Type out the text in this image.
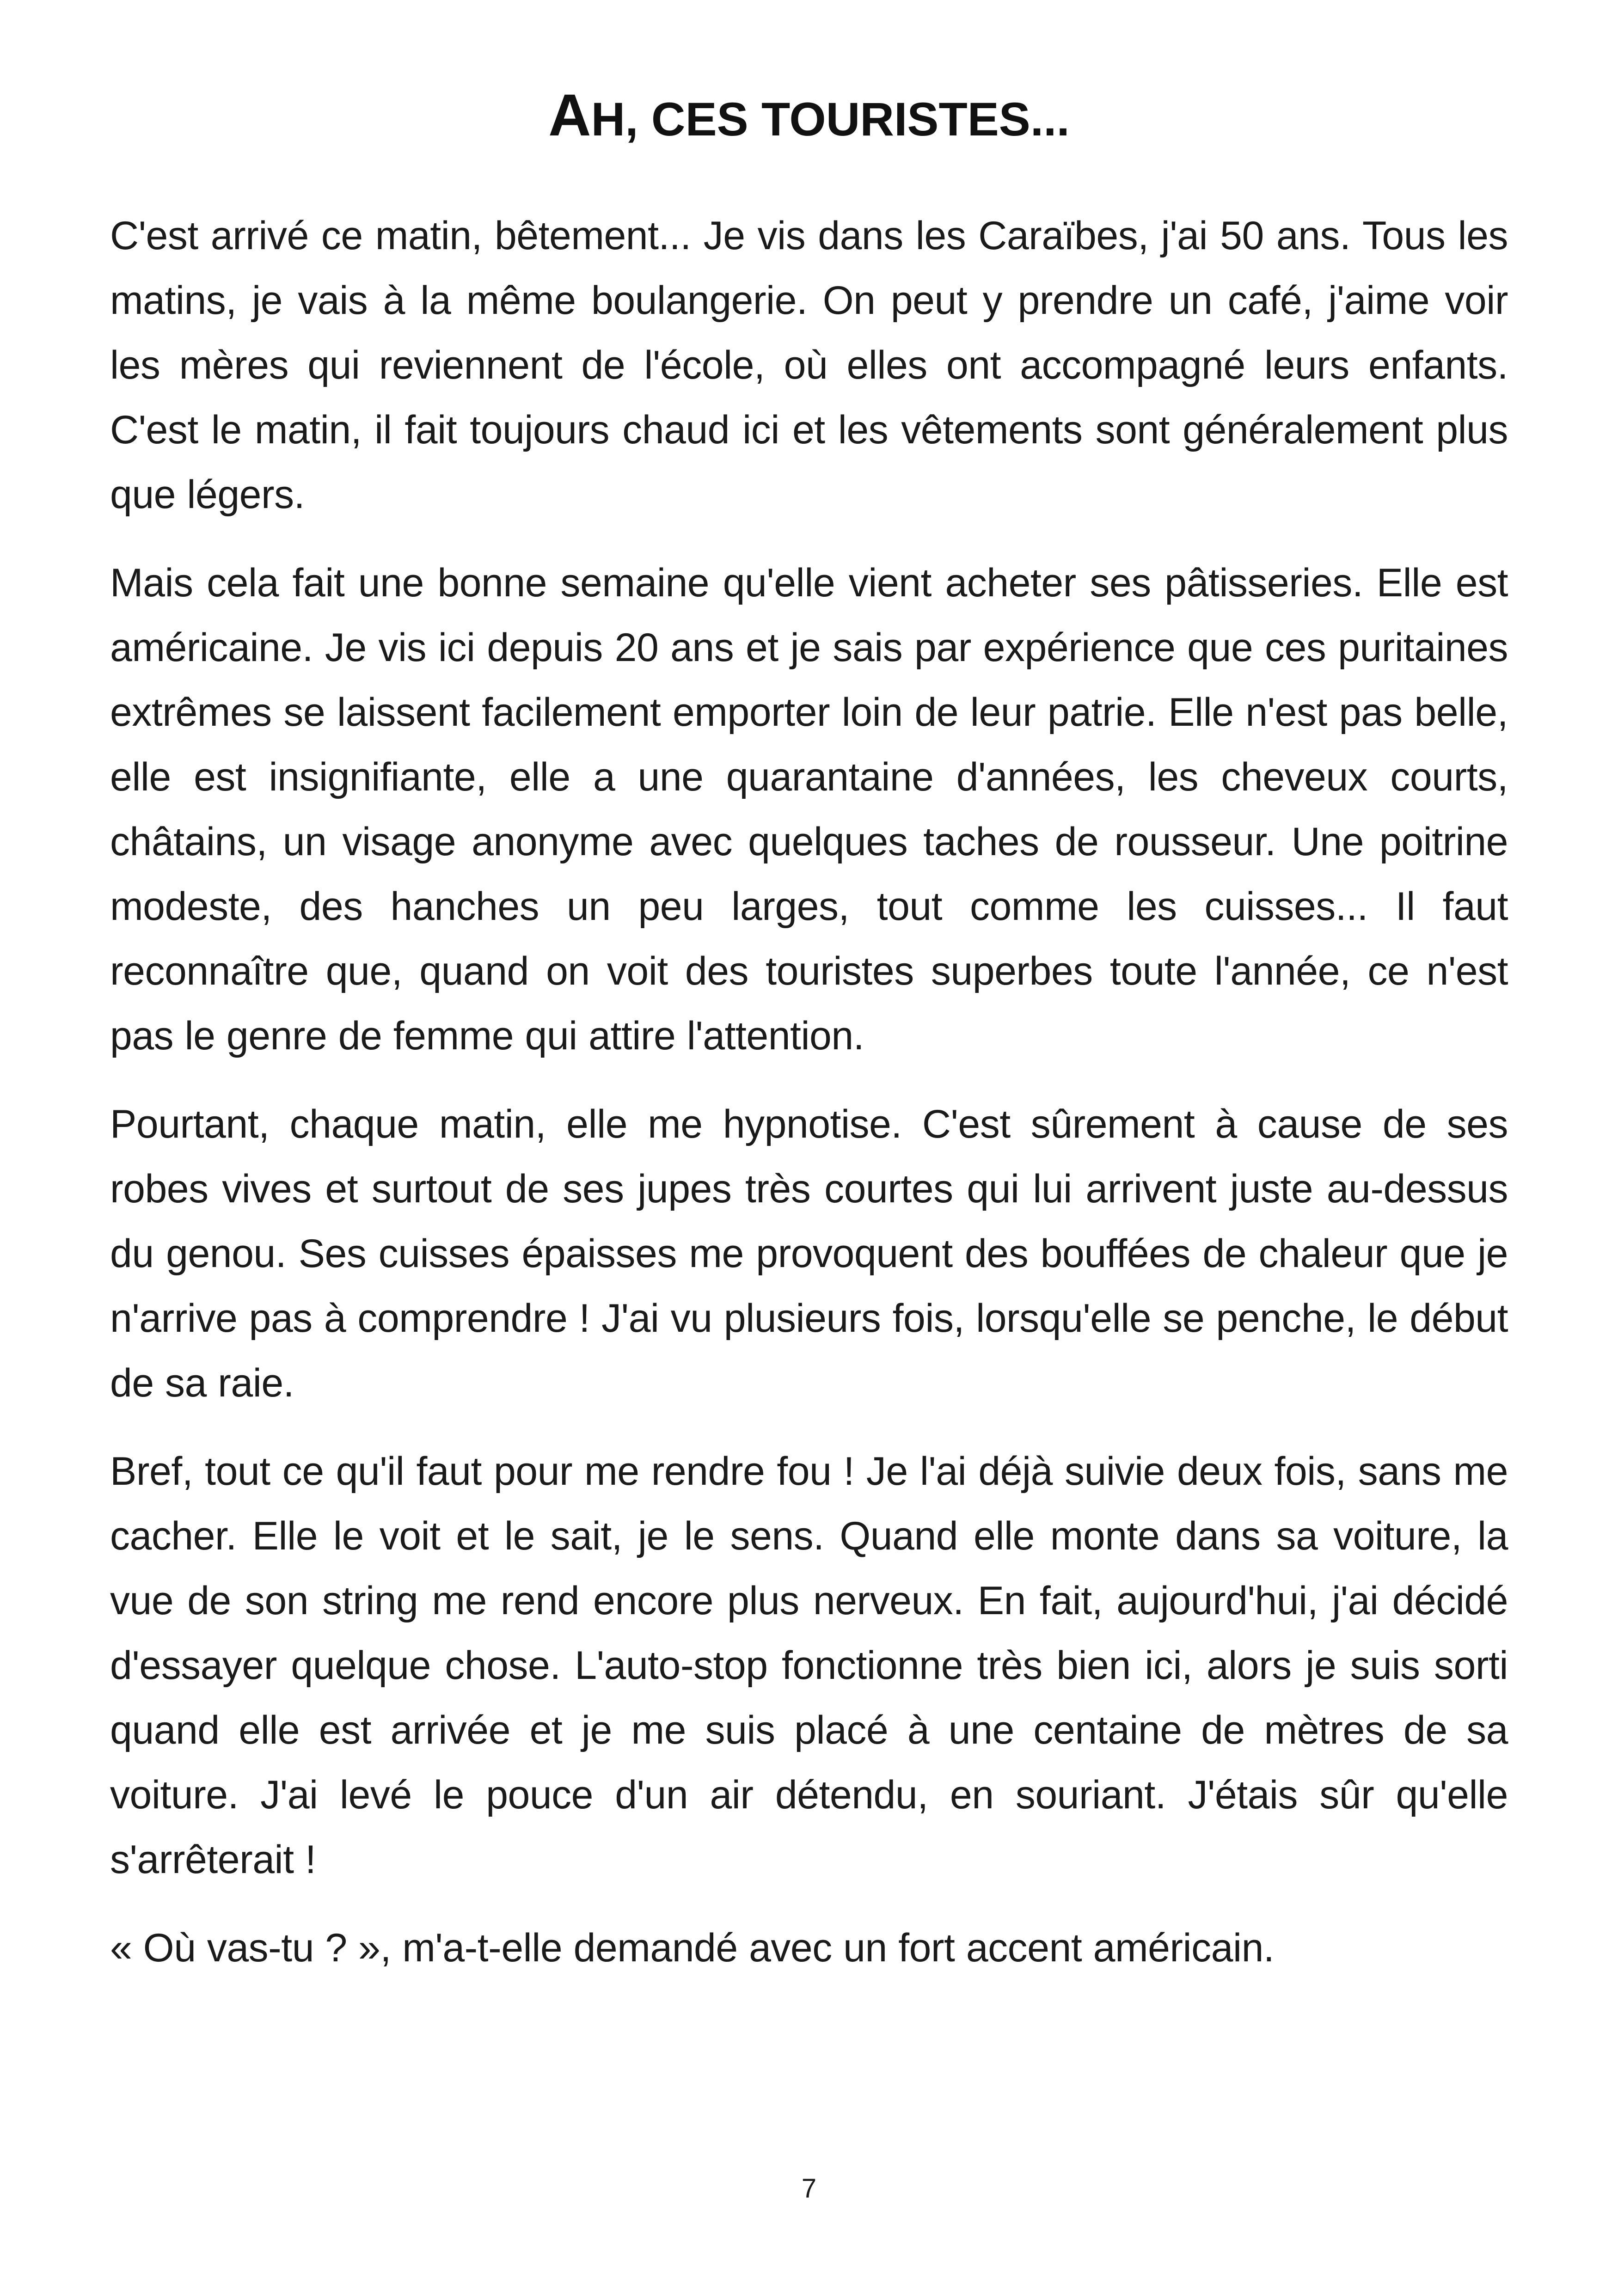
AH, CES TOURISTES...

C'est arrivé ce matin, bêtement... Je vis dans les Caraïbes, j'ai 50 ans. Tous les matins, je vais à la même boulangerie. On peut y prendre un café, j'aime voir les mères qui reviennent de l'école, où elles ont accompagné leurs enfants. C'est le matin, il fait toujours chaud ici et les vêtements sont généralement plus que légers.

Mais cela fait une bonne semaine qu'elle vient acheter ses pâtisseries. Elle est américaine. Je vis ici depuis 20 ans et je sais par expérience que ces puritaines extrêmes se laissent facilement emporter loin de leur patrie. Elle n'est pas belle, elle est insignifiante, elle a une quarantaine d'années, les cheveux courts, châtains, un visage anonyme avec quelques taches de rousseur. Une poitrine modeste, des hanches un peu larges, tout comme les cuisses... Il faut reconnaître que, quand on voit des touristes superbes toute l'année, ce n'est pas le genre de femme qui attire l'attention.

Pourtant, chaque matin, elle me hypnotise. C'est sûrement à cause de ses robes vives et surtout de ses jupes très courtes qui lui arrivent juste au-dessus du genou. Ses cuisses épaisses me provoquent des bouffées de chaleur que je n'arrive pas à comprendre ! J'ai vu plusieurs fois, lorsqu'elle se penche, le début de sa raie.

Bref, tout ce qu'il faut pour me rendre fou ! Je l'ai déjà suivie deux fois, sans me cacher. Elle le voit et le sait, je le sens. Quand elle monte dans sa voiture, la vue de son string me rend encore plus nerveux. En fait, aujourd'hui, j'ai décidé d'essayer quelque chose. L'auto-stop fonctionne très bien ici, alors je suis sorti quand elle est arrivée et je me suis placé à une centaine de mètres de sa voiture. J'ai levé le pouce d'un air détendu, en souriant. J'étais sûr qu'elle s'arrêterait !

« Où vas-tu ? », m'a-t-elle demandé avec un fort accent américain.

7
